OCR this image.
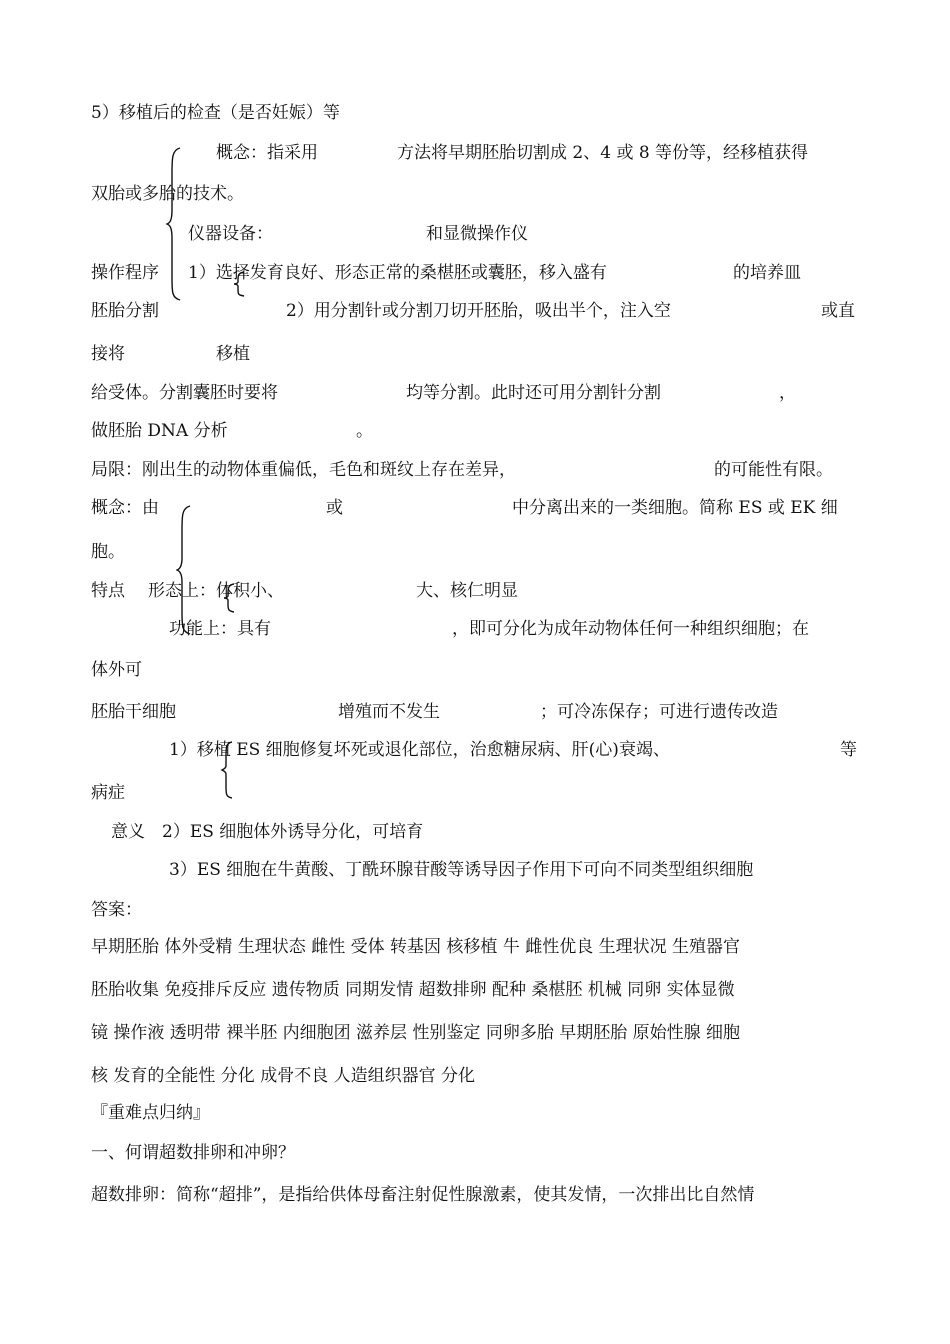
5）移植后的检查（是否妊娠）等
概念：指采用	方法将早期胚胎切割成 2、4 或 8 等份等，经移植获得
双胎或多胎的技术。
仪器设备：	和显微操作仪
操作程序 1）选择发育良好、形态正常的桑椹胚或囊胚，移入盛有	的培养皿
胚胎分割	2）用分割针或分割刀切开胚胎，吸出半个，注入空	或直
接将	移植
给受体。分割囊胚时要将	均等分割。此时还可用分割针分割	，
做胚胎 DNA 分析	。
局限：刚出生的动物体重偏低，毛色和斑纹上存在差异，	的可能性有限。
概念：由	或	中分离出来的一类细胞。简称 ES 或 EK 细
胞。
特点 形态上：体积小、	大、核仁明显
功能上：具有	，即可分化为成年动物体任何一种组织细胞；在
体外可
胚胎干细胞	增殖而不发生	；可冷冻保存；可进行遗传改造
1）移植 ES 细胞修复坏死或退化部位，治愈糖尿病、肝(心)衰竭、	等
病症
意义　2）ES 细胞体外诱导分化，可培育
3）ES 细胞在牛黄酸、丁酰环腺苷酸等诱导因子作用下可向不同类型组织细胞
答案：
早期胚胎 体外受精 生理状态 雌性 受体 转基因 核移植 牛 雌性优良 生理状况 生殖器官
胚胎收集 免疫排斥反应 遗传物质 同期发情 超数排卵 配种 桑椹胚 机械 同卵 实体显微
镜 操作液 透明带 裸半胚 内细胞团 滋养层 性别鉴定 同卵多胎 早期胚胎 原始性腺 细胞
核 发育的全能性 分化 成骨不良 人造组织器官 分化
『重难点归纳』
一、何谓超数排卵和冲卵？
超数排卵：简称“超排”，是指给供体母畜注射促性腺激素，使其发情，一次排出比自然情
